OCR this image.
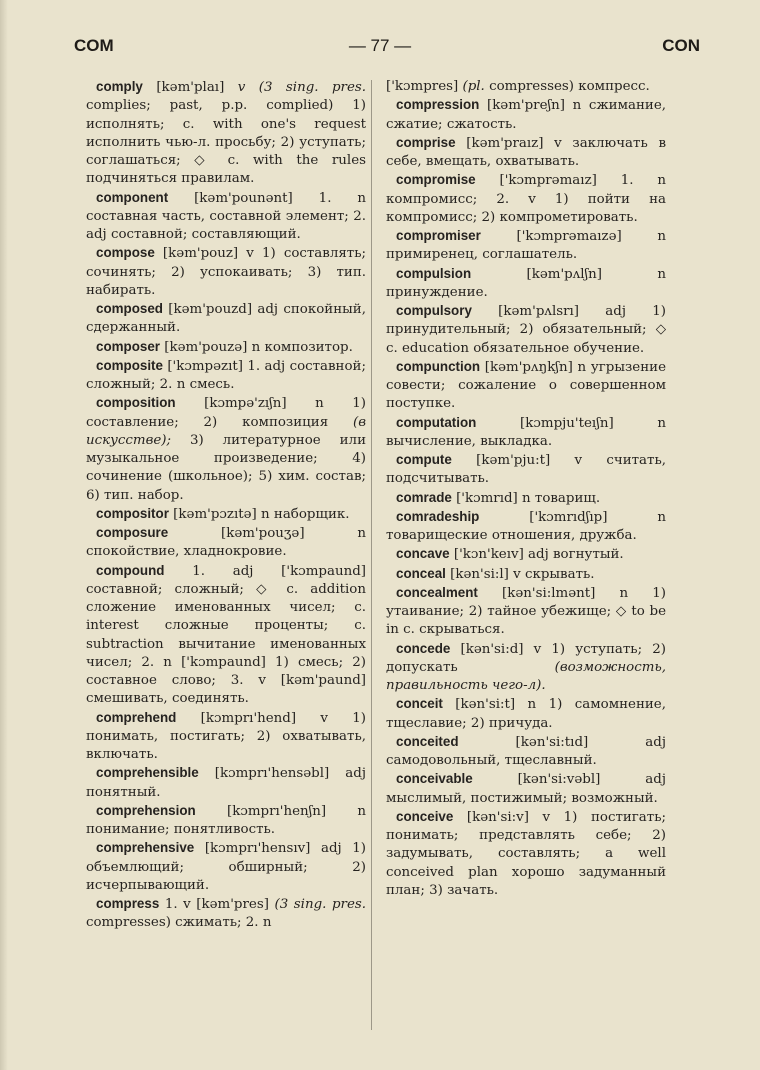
COM	— 77 —	CON

comply [kəm'plaı] v (3 sing. pres. complies; past, p.p. complied) 1) исполнять; c. with one's request исполнить чью-л. просьбу; 2) уступать; соглашаться; ◇ c. with the rules подчиняться правилам.

component [kəm'pounənt] 1. n составная часть, составной элемент; 2. adj составной; составляющий.

compose [kəm'pouz] v 1) составлять; сочинять; 2) успокаивать; 3) тип. набирать.

composed [kəm'pouzd] adj спокойный, сдержанный.

composer [kəm'pouzə] n композитор.

composite ['kɔmpəzıt] 1. adj составной; сложный; 2. n смесь.

composition [kɔmpə'zıʃn] n 1) составление; 2) композиция (в искусстве); 3) литературное или музыкальное произведение; 4) сочинение (школьное); 5) хим. состав; 6) тип. набор.

compositor [kəm'pɔzıtə] n наборщик.

composure [kəm'pouʒə] n спокойствие, хладнокровие.

compound 1. adj ['kɔmpaund] составной; сложный; ◇ c. addition сложение именованных чисел; c. interest сложные проценты; c. subtraction вычитание именованных чисел; 2. n ['kɔmpaund] 1) смесь; 2) составное слово; 3. v [kəm'paund] смешивать, соединять.

comprehend [kɔmprı'hend] v 1) понимать, постигать; 2) охватывать, включать.

comprehensible [kɔmprı'hensəbl] adj понятный.

comprehension [kɔmprı'henʃn] n понимание; понятливость.

comprehensive [kɔmprı'hensıv] adj 1) объемлющий; обширный; 2) исчерпывающий.

compress 1. v [kəm'pres] (3 sing. pres. compresses) сжимать; 2. n

['kɔmpres] (pl. compresses) компресс.

compression [kəm'preʃn] n сжимание, сжатие; сжатость.

comprise [kəm'praız] v заключать в себе, вмещать, охватывать.

compromise ['kɔmprəmaız] 1. n компромисс; 2. v 1) пойти на компромисс; 2) компрометировать.

compromiser ['kɔmprəmaızə] n примиренец, соглашатель.

compulsion [kəm'pʌlʃn] n принуждение.

compulsory [kəm'pʌlsrı] adj 1) принудительный; 2) обязательный; ◇ c. education обязательное обучение.

compunction [kəm'pʌŋkʃn] n угрызение совести; сожаление о совершенном поступке.

computation [kɔmpju'teıʃn] n вычисление, выкладка.

compute [kəm'pju:t] v считать, подсчитывать.

comrade ['kɔmrıd] n товарищ.

comradeship ['kɔmrıdʃıp] n товарищеские отношения, дружба.

concave ['kɔn'keıv] adj вогнутый.

conceal [kən'si:l] v скрывать.

concealment [kən'si:lmənt] n 1) утаивание; 2) тайное убежище; ◇ to be in c. скрываться.

concede [kən'si:d] v 1) уступать; 2) допускать (возможность, правильность чего-л).

conceit [kən'si:t] n 1) самомнение, тщеславие; 2) причуда.

conceited [kən'si:tıd] adj самодовольный, тщеславный.

conceivable [kən'si:vəbl] adj мыслимый, постижимый; возможный.

conceive [kən'si:v] v 1) постигать; понимать; представлять себе; 2) задумывать, составлять; a well conceived plan хорошо задуманный план; 3) зачать.
